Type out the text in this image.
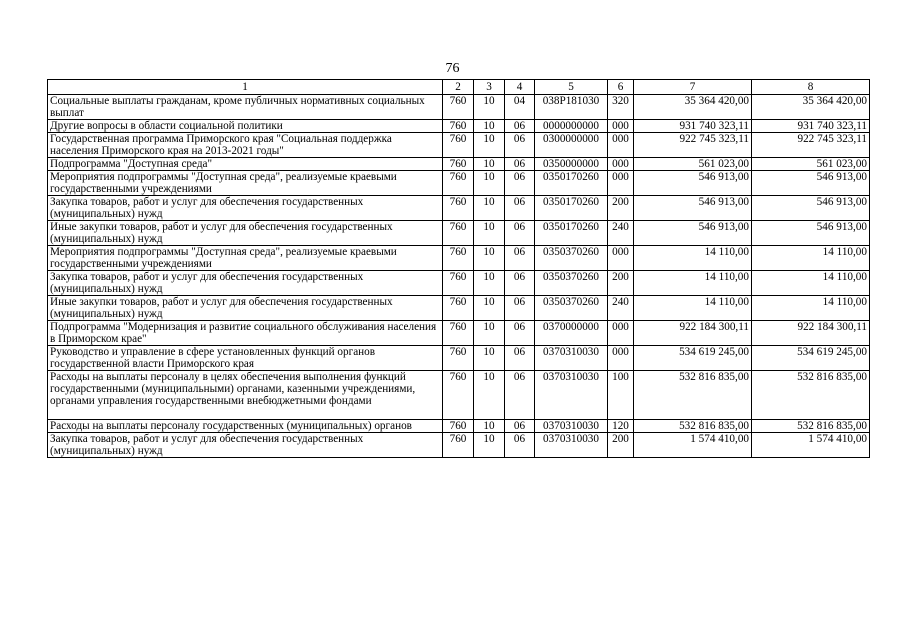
76
1	2	3	4	5	6	7	8
Социальные выплаты гражданам, кроме публичных нормативных социальных выплат	760	10	04	038P181030	320	35 364 420,00	35 364 420,00
Другие вопросы в области социальной политики	760	10	06	0000000000	000	931 740 323,11	931 740 323,11
Государственная программа Приморского края "Социальная поддержка населения Приморского края на 2013-2021 годы"	760	10	06	0300000000	000	922 745 323,11	922 745 323,11
Подпрограмма "Доступная среда"	760	10	06	0350000000	000	561 023,00	561 023,00
Мероприятия подпрограммы "Доступная среда", реализуемые краевыми государственными учреждениями	760	10	06	0350170260	000	546 913,00	546 913,00
Закупка товаров, работ и услуг для обеспечения государственных (муниципальных) нужд	760	10	06	0350170260	200	546 913,00	546 913,00
Иные закупки товаров, работ и услуг для обеспечения государственных (муниципальных) нужд	760	10	06	0350170260	240	546 913,00	546 913,00
Мероприятия подпрограммы "Доступная среда", реализуемые краевыми государственными учреждениями	760	10	06	0350370260	000	14 110,00	14 110,00
Закупка товаров, работ и услуг для обеспечения государственных (муниципальных) нужд	760	10	06	0350370260	200	14 110,00	14 110,00
Иные закупки товаров, работ и услуг для обеспечения государственных (муниципальных) нужд	760	10	06	0350370260	240	14 110,00	14 110,00
Подпрограмма "Модернизация и развитие социального обслуживания населения в Приморском крае"	760	10	06	0370000000	000	922 184 300,11	922 184 300,11
Руководство и управление в сфере установленных функций органов государственной власти Приморского края	760	10	06	0370310030	000	534 619 245,00	534 619 245,00
Расходы на выплаты персоналу в целях обеспечения выполнения функций государственными (муниципальными) органами, казенными учреждениями, органами управления государственными внебюджетными фондами	760	10	06	0370310030	100	532 816 835,00	532 816 835,00
Расходы на выплаты персоналу государственных (муниципальных) органов	760	10	06	0370310030	120	532 816 835,00	532 816 835,00
Закупка товаров, работ и услуг для обеспечения государственных (муниципальных) нужд	760	10	06	0370310030	200	1 574 410,00	1 574 410,00
